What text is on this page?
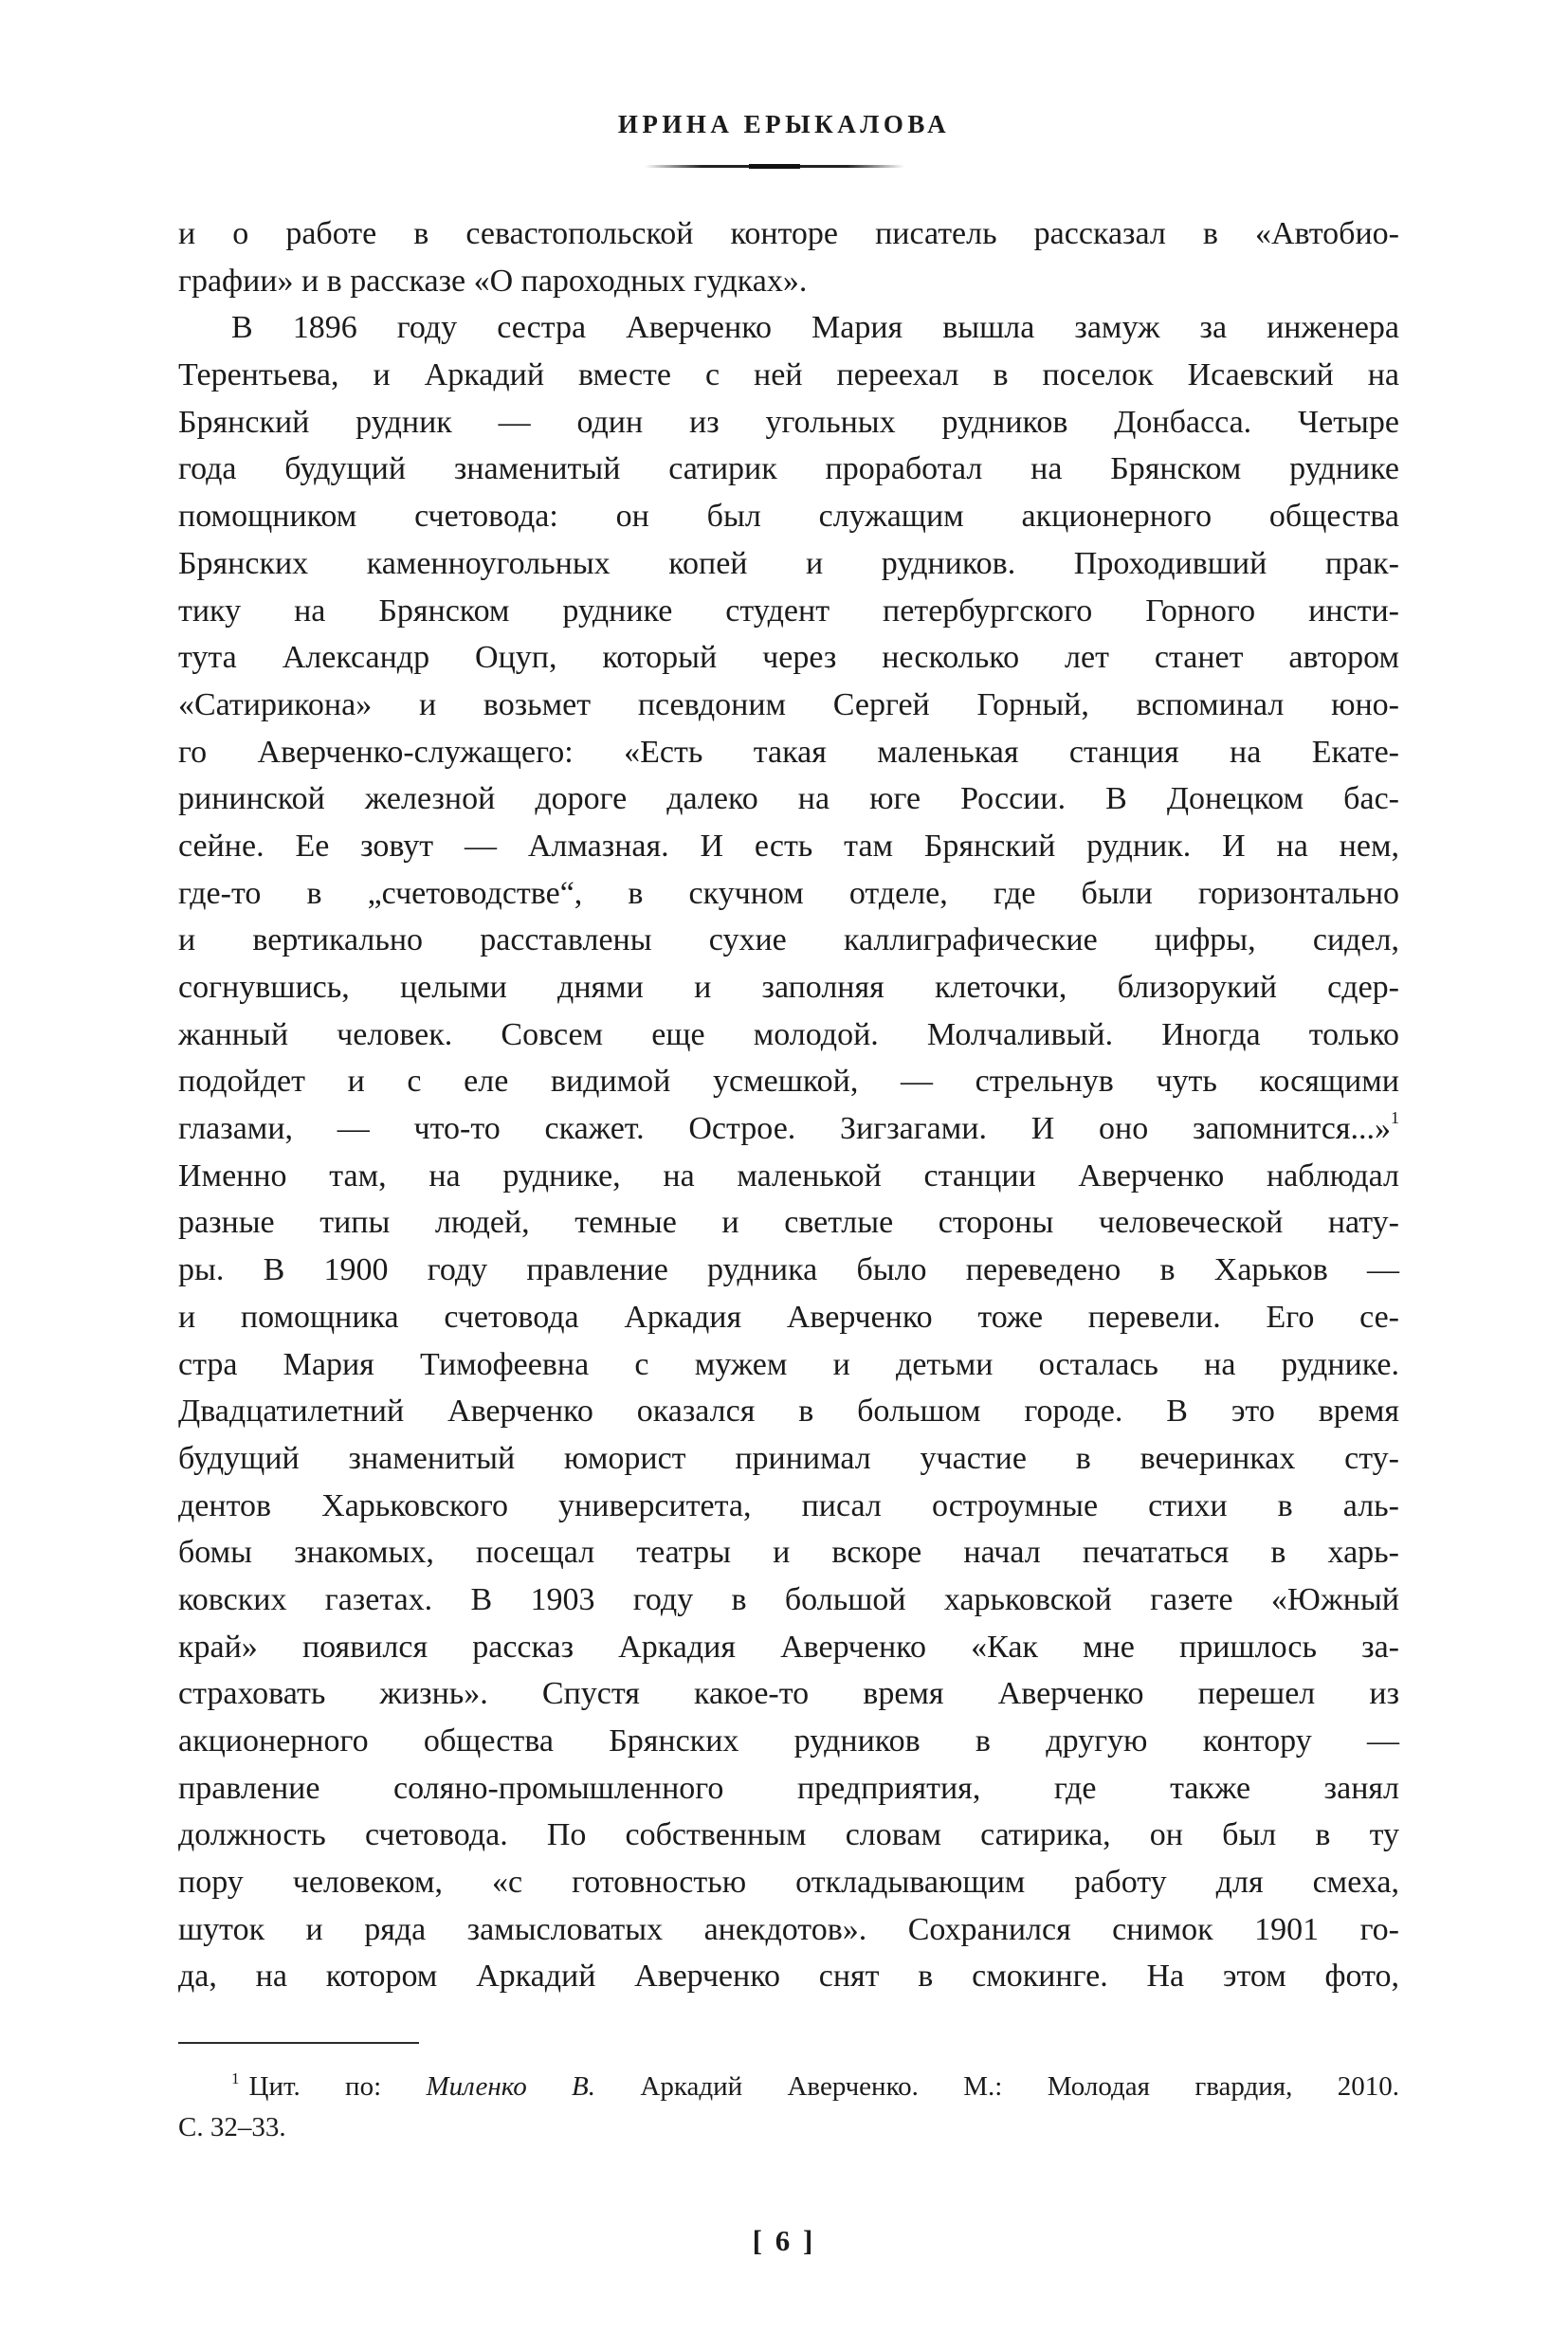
ИРИНА ЕРЫКАЛОВА
и о работе в севастопольской конторе писатель рассказал в «Автобио-
графии» и в рассказе «О пароходных гудках».
В 1896 году сестра Аверченко Мария вышла замуж за инженера
Терентьева, и Аркадий вместе с ней переехал в поселок Исаевский на
Брянский рудник — один из угольных рудников Донбасса. Четыре
года будущий знаменитый сатирик проработал на Брянском руднике
помощником счетовода: он был служащим акционерного общества
Брянских каменноугольных копей и рудников. Проходивший прак-
тику на Брянском руднике студент петербургского Горного инсти-
тута Александр Оцуп, который через несколько лет станет автором
«Сатирикона» и возьмет псевдоним Сергей Горный, вспоминал юно-
го Аверченко-служащего: «Есть такая маленькая станция на Екате-
рининской железной дороге далеко на юге России. В Донецком бас-
сейне. Ее зовут — Алмазная. И есть там Брянский рудник. И на нем,
где-то в „счетоводстве“, в скучном отделе, где были горизонтально
и вертикально расставлены сухие каллиграфические цифры, сидел,
согнувшись, целыми днями и заполняя клеточки, близорукий сдер-
жанный человек. Совсем еще молодой. Молчаливый. Иногда только
подойдет и с еле видимой усмешкой, — стрельнув чуть косящими
глазами, — что-то скажет. Острое. Зигзагами. И оно запомнится...»$^1$
Именно там, на руднике, на маленькой станции Аверченко наблюдал
разные типы людей, темные и светлые стороны человеческой нату-
ры. В 1900 году правление рудника было переведено в Харьков —
и помощника счетовода Аркадия Аверченко тоже перевели. Его се-
стра Мария Тимофеевна с мужем и детьми осталась на руднике.
Двадцатилетний Аверченко оказался в большом городе. В это время
будущий знаменитый юморист принимал участие в вечеринках сту-
дентов Харьковского университета, писал остроумные стихи в аль-
бомы знакомых, посещал театры и вскоре начал печататься в харь-
ковских газетах. В 1903 году в большой харьковской газете «Южный
край» появился рассказ Аркадия Аверченко «Как мне пришлось за-
страховать жизнь». Спустя какое-то время Аверченко перешел из
акционерного общества Брянских рудников в другую контору —
правление соляно-промышленного предприятия, где также занял
должность счетовода. По собственным словам сатирика, он был в ту
пору человеком, «с готовностью откладывающим работу для смеха,
шуток и ряда замысловатых анекдотов». Сохранился снимок 1901 го-
да, на котором Аркадий Аверченко снят в смокинге. На этом фото,
$^1$ Цит. по: Миленко В. Аркадий Аверченко. М.: Молодая гвардия, 2010.
С. 32–33.
[ 6 ]
